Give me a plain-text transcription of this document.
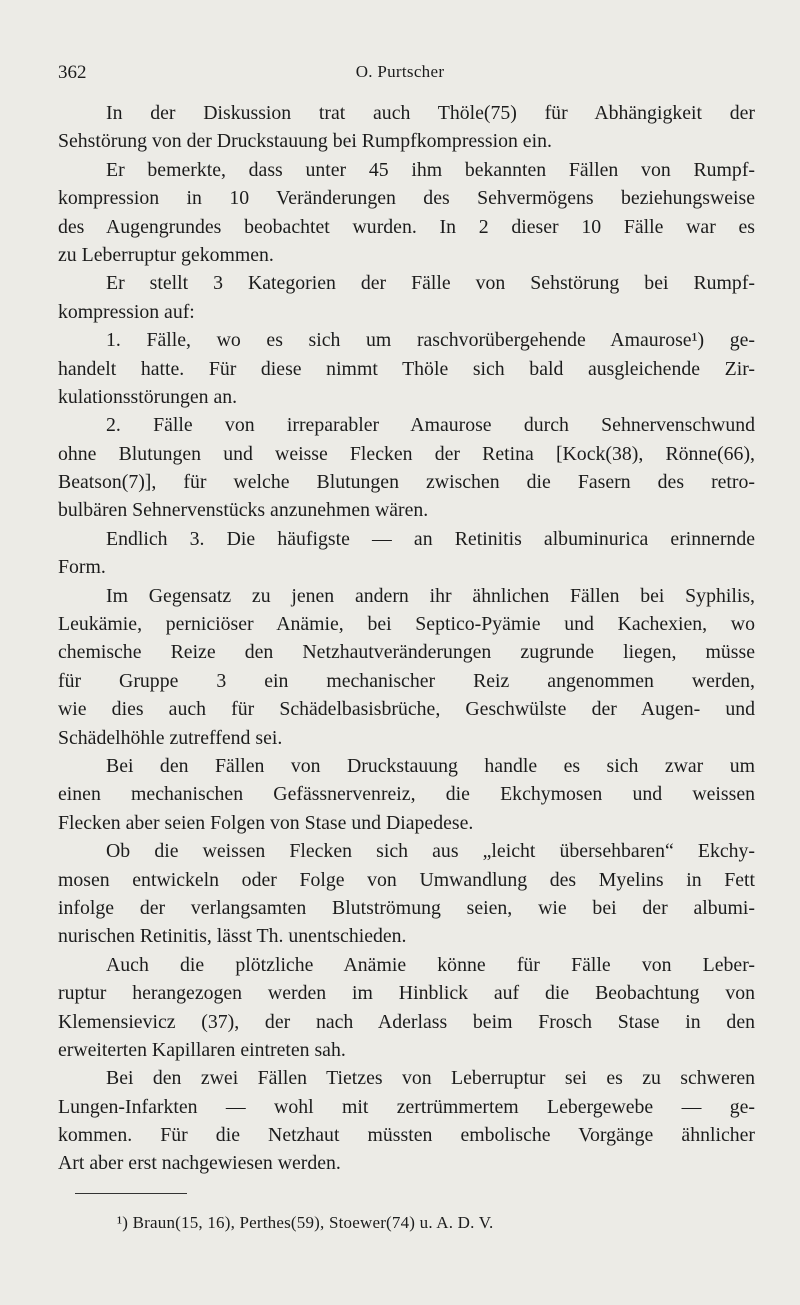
362	O. Purtscher
In der Diskussion trat auch Thöle(75) für Abhängigkeit der
Sehstörung von der Druckstauung bei Rumpfkompression ein.
Er bemerkte, dass unter 45 ihm bekannten Fällen von Rumpf-
kompression in 10 Veränderungen des Sehvermögens beziehungsweise
des Augengrundes beobachtet wurden. In 2 dieser 10 Fälle war es
zu Leberruptur gekommen.
Er stellt 3 Kategorien der Fälle von Sehstörung bei Rumpf-
kompression auf:
1. Fälle, wo es sich um raschvorübergehende Amaurose¹) ge-
handelt hatte. Für diese nimmt Thöle sich bald ausgleichende Zir-
kulationsstörungen an.
2. Fälle von irreparabler Amaurose durch Sehnervenschwund
ohne Blutungen und weisse Flecken der Retina [Kock(38), Rönne(66),
Beatson(7)], für welche Blutungen zwischen die Fasern des retro-
bulbären Sehnervenstücks anzunehmen wären.
Endlich 3. Die häufigste — an Retinitis albuminurica erinnernde
Form.
Im Gegensatz zu jenen andern ihr ähnlichen Fällen bei Syphilis,
Leukämie, perniciöser Anämie, bei Septico-Pyämie und Kachexien, wo
chemische Reize den Netzhautveränderungen zugrunde liegen, müsse
für Gruppe 3 ein mechanischer Reiz angenommen werden,
wie dies auch für Schädelbasisbrüche, Geschwülste der Augen- und
Schädelhöhle zutreffend sei.
Bei den Fällen von Druckstauung handle es sich zwar um
einen mechanischen Gefässnervenreiz, die Ekchymosen und weissen
Flecken aber seien Folgen von Stase und Diapedese.
Ob die weissen Flecken sich aus „leicht übersehbaren“ Ekchy-
mosen entwickeln oder Folge von Umwandlung des Myelins in Fett
infolge der verlangsamten Blutströmung seien, wie bei der albumi-
nurischen Retinitis, lässt Th. unentschieden.
Auch die plötzliche Anämie könne für Fälle von Leber-
ruptur herangezogen werden im Hinblick auf die Beobachtung von
Klemensievicz (37), der nach Aderlass beim Frosch Stase in den
erweiterten Kapillaren eintreten sah.
Bei den zwei Fällen Tietzes von Leberruptur sei es zu schweren
Lungen-Infarkten — wohl mit zertrümmertem Lebergewebe — ge-
kommen. Für die Netzhaut müssten embolische Vorgänge ähnlicher
Art aber erst nachgewiesen werden.
¹) Braun(15, 16), Perthes(59), Stoewer(74) u. A. D. V.
